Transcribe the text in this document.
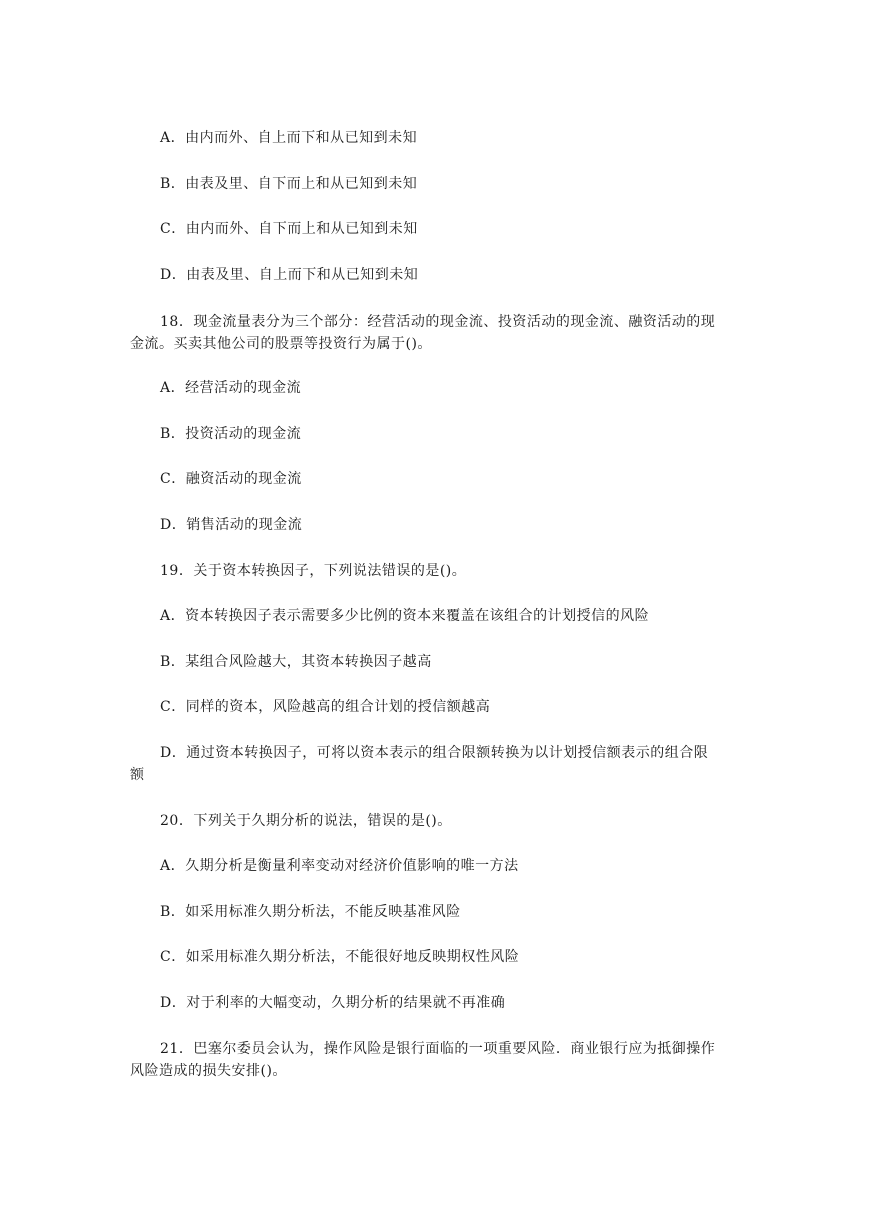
A．由内而外、自上而下和从已知到未知
B．由表及里、自下而上和从已知到未知
C．由内而外、自下而上和从已知到未知
D．由表及里、自上而下和从已知到未知
18．现金流量表分为三个部分：经营活动的现金流、投资活动的现金流、融资活动的现
金流。买卖其他公司的股票等投资行为属于()。
A．经营活动的现金流
B．投资活动的现金流
C．融资活动的现金流
D．销售活动的现金流
19．关于资本转换因子，下列说法错误的是()。
A．资本转换因子表示需要多少比例的资本来覆盖在该组合的计划授信的风险
B．某组合风险越大，其资本转换因子越高
C．同样的资本，风险越高的组合计划的授信额越高
D．通过资本转换因子，可将以资本表示的组合限额转换为以计划授信额表示的组合限
额
20．下列关于久期分析的说法，错误的是()。
A．久期分析是衡量利率变动对经济价值影响的唯一方法
B．如采用标准久期分析法，不能反映基准风险
C．如采用标准久期分析法，不能很好地反映期权性风险
D．对于利率的大幅变动，久期分析的结果就不再准确
21．巴塞尔委员会认为，操作风险是银行面临的一项重要风险．商业银行应为抵御操作
风险造成的损失安排()。
